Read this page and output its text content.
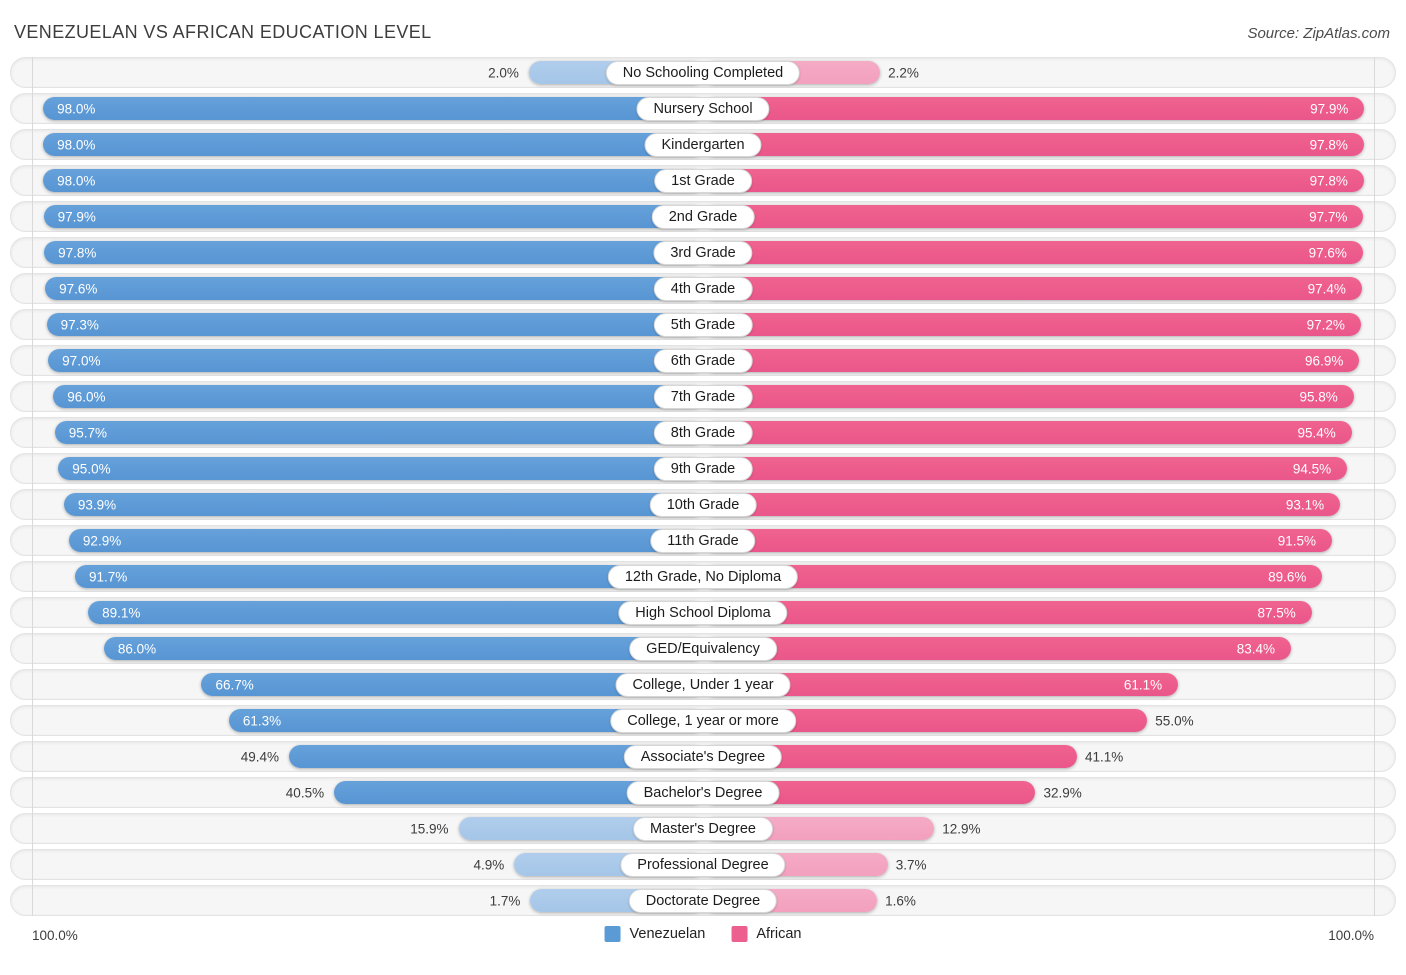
VENEZUELAN VS AFRICAN EDUCATION LEVEL	Source: ZipAtlas.com
2.0%	2.2%
No Schooling Completed
98.0%	97.9%
Nursery School
98.0%	97.8%
Kindergarten
98.0%	97.8%
1st Grade
97.9%	97.7%
2nd Grade
97.8%	97.6%
3rd Grade
97.6%	97.4%
4th Grade
97.3%	97.2%
5th Grade
97.0%	96.9%
6th Grade
96.0%	95.8%
7th Grade
95.7%	95.4%
8th Grade
95.0%	94.5%
9th Grade
93.9%	93.1%
10th Grade
92.9%	91.5%
11th Grade
91.7%	89.6%
12th Grade, No Diploma
89.1%	87.5%
High School Diploma
86.0%	83.4%
GED/Equivalency
66.7%	61.1%
College, Under 1 year
61.3%	55.0%
College, 1 year or more
49.4%	41.1%
Associate's Degree
40.5%	32.9%
Bachelor's Degree
15.9%	12.9%
Master's Degree
4.9%	3.7%
Professional Degree
1.7%	1.6%
Doctorate Degree
100.0%	Venezuelan	African	100.0%
